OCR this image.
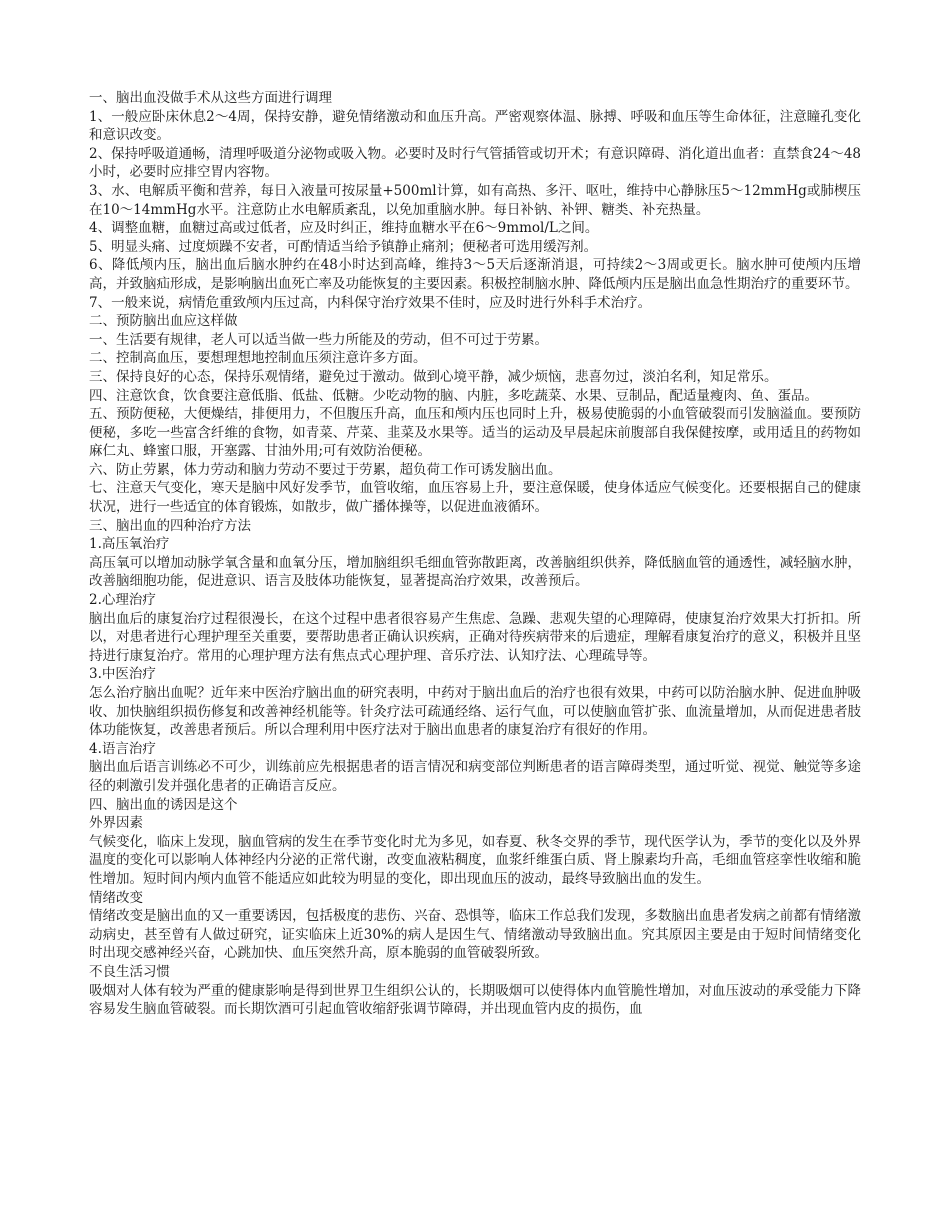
一、脑出血没做手术从这些方面进行调理

1、一般应卧床休息2～4周，保持安静，避免情绪激动和血压升高。严密观察体温、脉搏、呼吸和血压等生命体征，注意瞳孔变化和意识改变。

2、保持呼吸道通畅，清理呼吸道分泌物或吸入物。必要时及时行气管插管或切开术；有意识障碍、消化道出血者：直禁食24～48小时，必要时应排空胃内容物。

3、水、电解质平衡和营养，每日入液量可按尿量+500ml计算，如有高热、多汗、呕吐，维持中心静脉压5～12mmHg或肺楔压在10～14mmHg水平。注意防止水电解质紊乱，以免加重脑水肿。每日补钠、补钾、糖类、补充热量。

4、调整血糖，血糖过高或过低者，应及时纠正，维持血糖水平在6～9mmol/L之间。

5、明显头痛、过度烦躁不安者，可酌情适当给予镇静止痛剂；便秘者可选用缓泻剂。

6、降低颅内压，脑出血后脑水肿约在48小时达到高峰，维持3～5天后逐渐消退，可持续2～3周或更长。脑水肿可使颅内压增高，并致脑疝形成，是影响脑出血死亡率及功能恢复的主要因素。积极控制脑水肿、降低颅内压是脑出血急性期治疗的重要环节。

7、一般来说，病情危重致颅内压过高，内科保守治疗效果不佳时，应及时进行外科手术治疗。

二、预防脑出血应这样做

一、生活要有规律，老人可以适当做一些力所能及的劳动，但不可过于劳累。

二、控制高血压，要想理想地控制血压须注意许多方面。

三、保持良好的心态，保持乐观情绪，避免过于激动。做到心境平静，减少烦恼，悲喜勿过，淡泊名利，知足常乐。

四、注意饮食，饮食要注意低脂、低盐、低糖。少吃动物的脑、内脏，多吃蔬菜、水果、豆制品，配适量瘦肉、鱼、蛋品。

五、预防便秘，大便燥结，排便用力，不但腹压升高，血压和颅内压也同时上升，极易使脆弱的小血管破裂而引发脑溢血。要预防便秘，多吃一些富含纤维的食物，如青菜、芹菜、韭菜及水果等。适当的运动及早晨起床前腹部自我保健按摩，或用适且的药物如麻仁丸、蜂蜜口服，开塞露、甘油外用;可有效防治便秘。

六、防止劳累，体力劳动和脑力劳动不要过于劳累，超负荷工作可诱发脑出血。

七、注意天气变化，寒天是脑中风好发季节，血管收缩，血压容易上升，要注意保暖，使身体适应气候变化。还要根据自己的健康状况，进行一些适宜的体育锻炼，如散步，做广播体操等，以促进血液循环。

三、脑出血的四种治疗方法

1.高压氧治疗

高压氧可以增加动脉学氧含量和血氧分压，增加脑组织毛细血管弥散距离，改善脑组织供养，降低脑血管的通透性，减轻脑水肿，改善脑细胞功能，促进意识、语言及肢体功能恢复，显著提高治疗效果，改善预后。

2.心理治疗

脑出血后的康复治疗过程很漫长，在这个过程中患者很容易产生焦虑、急躁、悲观失望的心理障碍，使康复治疗效果大打折扣。所以，对患者进行心理护理至关重要，要帮助患者正确认识疾病，正确对待疾病带来的后遗症，理解看康复治疗的意义，积极并且坚持进行康复治疗。常用的心理护理方法有焦点式心理护理、音乐疗法、认知疗法、心理疏导等。

3.中医治疗

怎么治疗脑出血呢？近年来中医治疗脑出血的研究表明，中药对于脑出血后的治疗也很有效果，中药可以防治脑水肿、促进血肿吸收、加快脑组织损伤修复和改善神经机能等。针灸疗法可疏通经络、运行气血，可以使脑血管扩张、血流量增加，从而促进患者肢体功能恢复，改善患者预后。所以合理利用中医疗法对于脑出血患者的康复治疗有很好的作用。

4.语言治疗

脑出血后语言训练必不可少，训练前应先根据患者的语言情况和病变部位判断患者的语言障碍类型，通过听觉、视觉、触觉等多途径的刺激引发并强化患者的正确语言反应。

四、脑出血的诱因是这个

外界因素

气候变化，临床上发现，脑血管病的发生在季节变化时尤为多见，如春夏、秋冬交界的季节，现代医学认为，季节的变化以及外界温度的变化可以影响人体神经内分泌的正常代谢，改变血液粘稠度，血浆纤维蛋白质、肾上腺素均升高，毛细血管痉挛性收缩和脆性增加。短时间内颅内血管不能适应如此较为明显的变化，即出现血压的波动，最终导致脑出血的发生。

情绪改变

情绪改变是脑出血的又一重要诱因，包括极度的悲伤、兴奋、恐惧等，临床工作总我们发现，多数脑出血患者发病之前都有情绪激动病史，甚至曾有人做过研究，证实临床上近30%的病人是因生气、情绪激动导致脑出血。究其原因主要是由于短时间情绪变化时出现交感神经兴奋，心跳加快、血压突然升高，原本脆弱的血管破裂所致。

不良生活习惯

吸烟对人体有较为严重的健康影响是得到世界卫生组织公认的，长期吸烟可以使得体内血管脆性增加，对血压波动的承受能力下降容易发生脑血管破裂。而长期饮酒可引起血管收缩舒张调节障碍，并出现血管内皮的损伤，血
